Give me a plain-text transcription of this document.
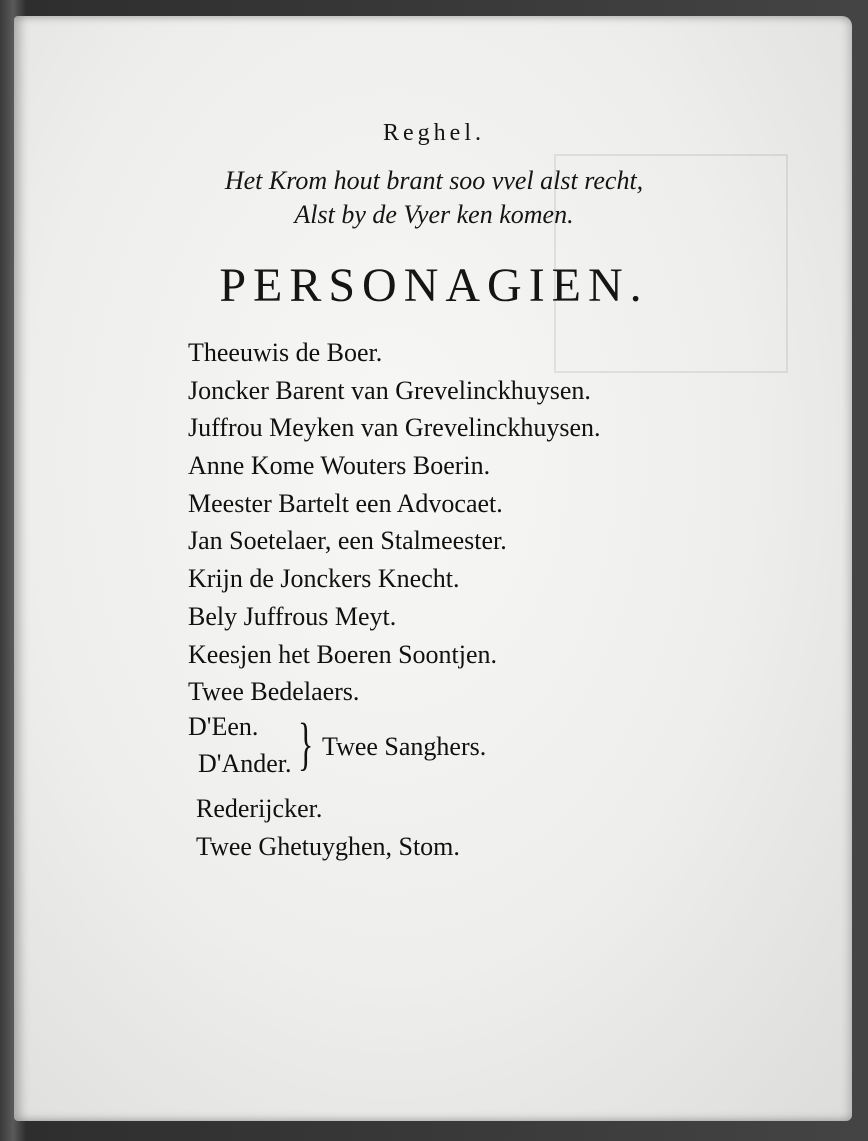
Reghel.
Het Krom hout brant soo vvel alst recht,
Alst by de Vyer ken komen.
PERSONAGIEN.
Theeuwis de Boer.
Joncker Barent van Grevelinckhuysen.
Juffrou Meyken van Grevelinckhuysen.
Anne Kome Wouters Boerin.
Meester Bartelt een Advocaet.
Jan Soetelaer, een Stalmeester.
Krijn de Jonckers Knecht.
Bely Juffrous Meyt.
Keesjen het Boeren Soontjen.
Twee Bedelaers.
D'Een.
D'Ander. } Twee Sanghers.
Rederijcker.
Twee Ghetuyghen, Stom.
